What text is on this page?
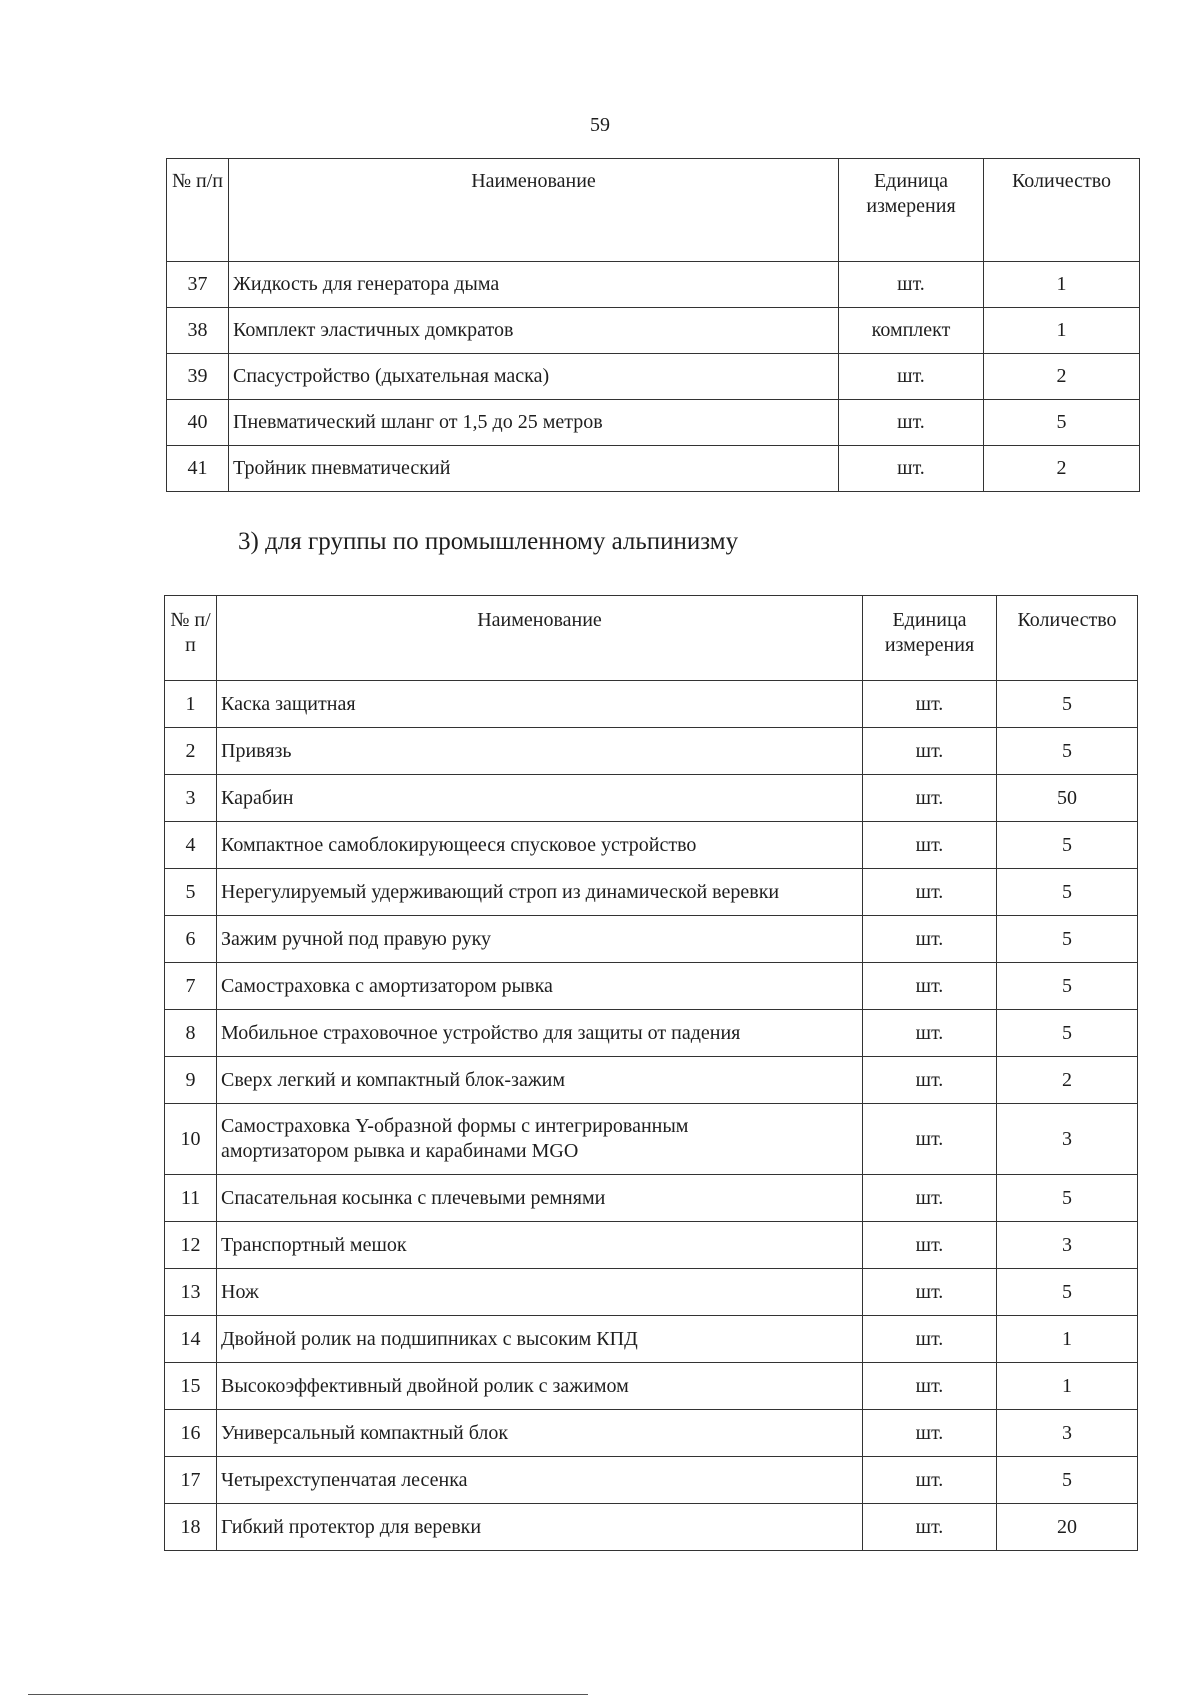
59
№ п/п	Наименование	Единица измерения	Количество
37	Жидкость для генератора дыма	шт.	1
38	Комплект эластичных домкратов	комплект	1
39	Спасустройство (дыхательная маска)	шт.	2
40	Пневматический шланг от 1,5 до 25 метров	шт.	5
41	Тройник пневматический	шт.	2
3) для группы по промышленному альпинизму
№ п/п	Наименование	Единица измерения	Количество
1	Каска защитная	шт.	5
2	Привязь	шт.	5
3	Карабин	шт.	50
4	Компактное самоблокирующееся спусковое устройство	шт.	5
5	Нерегулируемый удерживающий строп из динамической веревки	шт.	5
6	Зажим ручной под правую руку	шт.	5
7	Самостраховка с амортизатором рывка	шт.	5
8	Мобильное страховочное устройство для защиты от падения	шт.	5
9	Сверх легкий и компактный блок-зажим	шт.	2
10	Самостраховка Y-образной формы с интегрированным амортизатором рывка и карабинами MGO	шт.	3
11	Спасательная косынка с плечевыми ремнями	шт.	5
12	Транспортный мешок	шт.	3
13	Нож	шт.	5
14	Двойной ролик на подшипниках с высоким КПД	шт.	1
15	Высокоэффективный двойной ролик с зажимом	шт.	1
16	Универсальный компактный блок	шт.	3
17	Четырехступенчатая лесенка	шт.	5
18	Гибкий протектор для веревки	шт.	20
